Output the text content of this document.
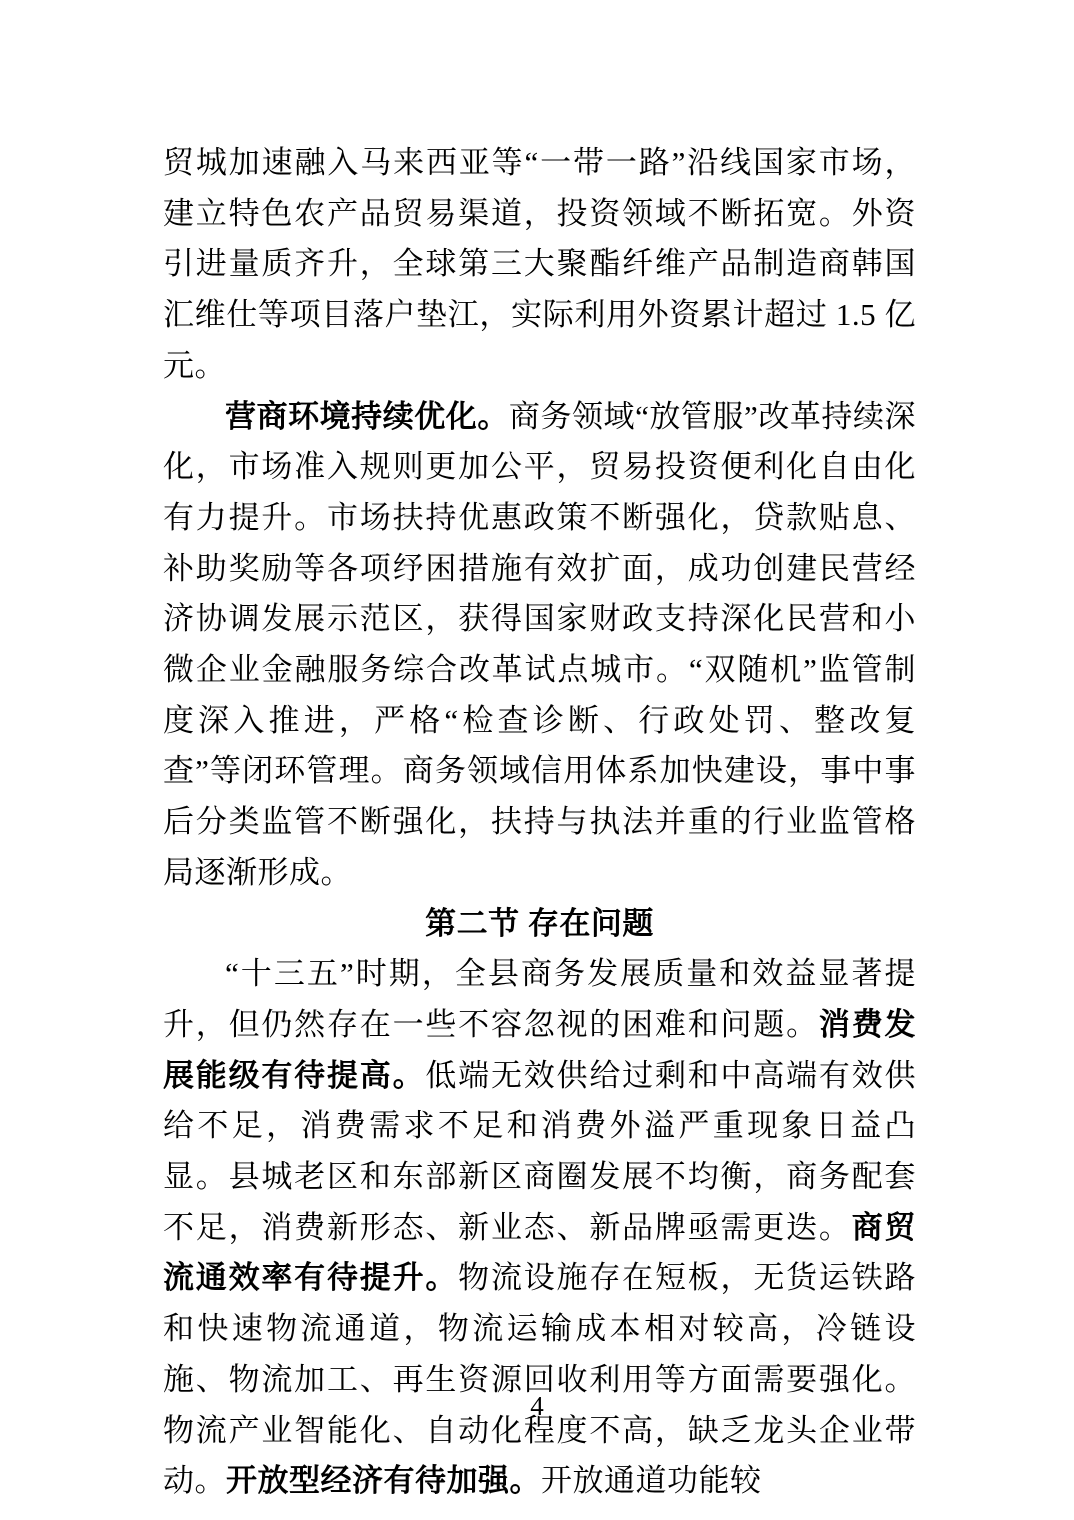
贸城加速融入马来西亚等“一带一路”沿线国家市场，建立特色农产品贸易渠道，投资领域不断拓宽。外资引进量质齐升，全球第三大聚酯纤维产品制造商韩国汇维仕等项目落户垫江，实际利用外资累计超过 1.5 亿元。

营商环境持续优化。商务领域“放管服”改革持续深化，市场准入规则更加公平，贸易投资便利化自由化有力提升。市场扶持优惠政策不断强化，贷款贴息、补助奖励等各项纾困措施有效扩面，成功创建民营经济协调发展示范区，获得国家财政支持深化民营和小微企业金融服务综合改革试点城市。“双随机”监管制度深入推进，严格“检查诊断、行政处罚、整改复查”等闭环管理。商务领域信用体系加快建设，事中事后分类监管不断强化，扶持与执法并重的行业监管格局逐渐形成。

第二节 存在问题

“十三五”时期，全县商务发展质量和效益显著提升，但仍然存在一些不容忽视的困难和问题。消费发展能级有待提高。低端无效供给过剩和中高端有效供给不足，消费需求不足和消费外溢严重现象日益凸显。县城老区和东部新区商圈发展不均衡，商务配套不足，消费新形态、新业态、新品牌亟需更迭。商贸流通效率有待提升。物流设施存在短板，无货运铁路和快速物流通道，物流运输成本相对较高，冷链设施、物流加工、再生资源回收利用等方面需要强化。物流产业智能化、自动化程度不高，缺乏龙头企业带动。开放型经济有待加强。开放通道功能较

4
